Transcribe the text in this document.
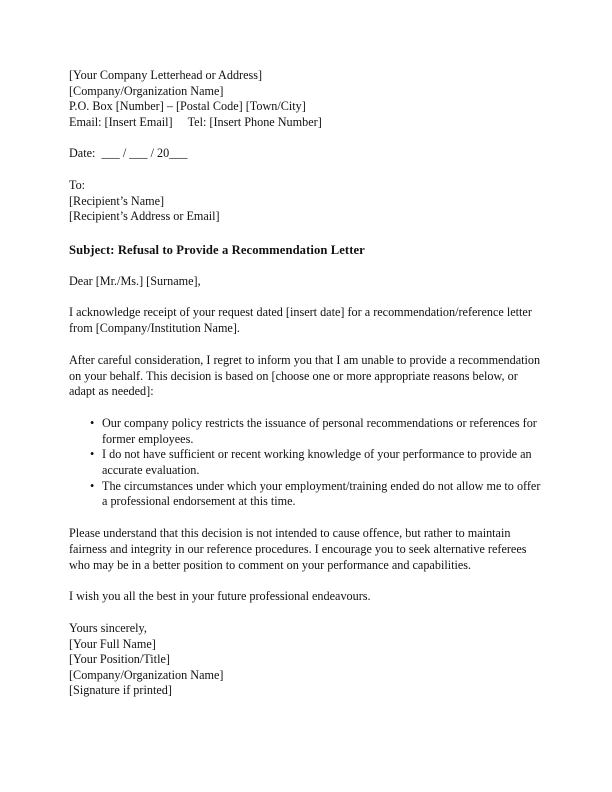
[Your Company Letterhead or Address]
[Company/Organization Name]
P.O. Box [Number] – [Postal Code] [Town/City]
Email: [Insert Email] Tel: [Insert Phone Number]
Date:  ___ / ___ / 20___
To:
[Recipient’s Name]
[Recipient’s Address or Email]
Subject: Refusal to Provide a Recommendation Letter
Dear [Mr./Ms.] [Surname],

I acknowledge receipt of your request dated [insert date] for a recommendation/reference letter from [Company/Institution Name].

After careful consideration, I regret to inform you that I am unable to provide a recommendation on your behalf. This decision is based on [choose one or more appropriate reasons below, or adapt as needed]:

• Our company policy restricts the issuance of personal recommendations or references for former employees.
• I do not have sufficient or recent working knowledge of your performance to provide an accurate evaluation.
• The circumstances under which your employment/training ended do not allow me to offer a professional endorsement at this time.

Please understand that this decision is not intended to cause offence, but rather to maintain fairness and integrity in our reference procedures. I encourage you to seek alternative referees who may be in a better position to comment on your performance and capabilities.

I wish you all the best in your future professional endeavours.

Yours sincerely,
[Your Full Name]
[Your Position/Title]
[Company/Organization Name]
[Signature if printed]
